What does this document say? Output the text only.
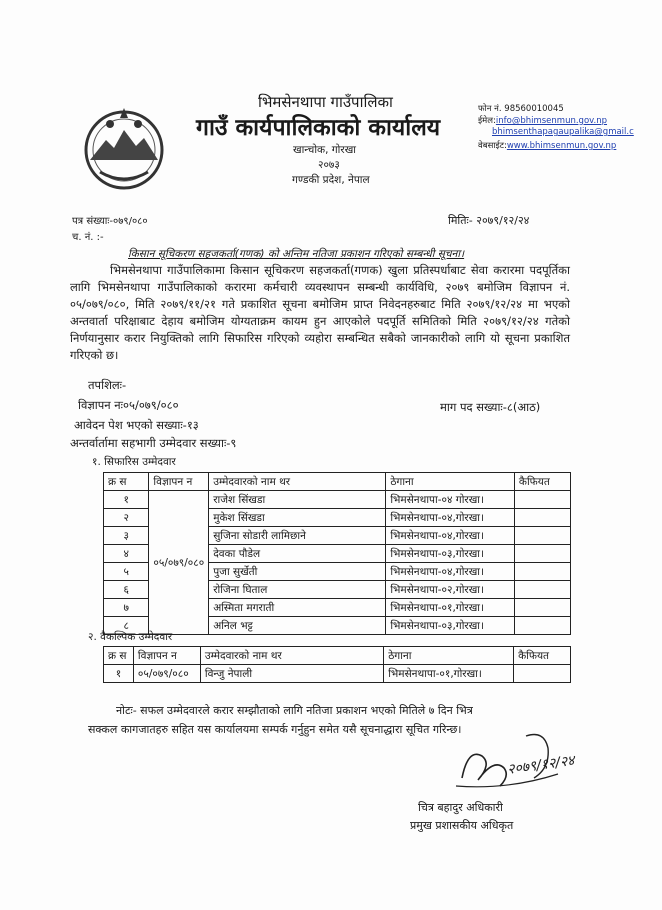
भिमसेनथापा गाउँपालिका
गाउँ कार्यपालिकाको कार्यालय
खान्चोक, गोरखा
२०७३
गण्डकी प्रदेश, नेपाल
फोन नं. 98560010045
ईमेल:info@bhimsenmun.gov.np
bhimsenthapagaupalika@gmail.c
वेबसाईट:www.bhimsenmun.gov.np
पत्र संख्याः-०७९/०८०
च. नं. :-
मितिः- २०७९/१२/२४
किसान सूचिकरण सहजकर्ता(गणक) को अन्तिम नतिजा प्रकाशन गरिएको सम्बन्धी सूचना।
भिमसेनथापा गाउँपालिकामा किसान सूचिकरण सहजकर्ता(गणक) खुला प्रतिस्पर्धाबाट सेवा करारमा पदपूर्तिका लागि भिमसेनथापा गाउँपालिकाको करारमा कर्मचारी व्यवस्थापन सम्बन्धी कार्यविधि, २०७९ बमोजिम विज्ञापन नं. ०५/०७९/०८०, मिति २०७९/११/२१ गते प्रकाशित सूचना बमोजिम प्राप्त निवेदनहरुबाट मिति २०७९/१२/२४ मा भएको अन्तवार्ता परिक्षाबाट देहाय बमोजिम योग्यताक्रम कायम हुन आएकोले पदपूर्ति समितिको मिति २०७९/१२/२४ गतेको निर्णयानुसार करार नियुक्तिको लागि सिफारिस गरिएको व्यहोरा सम्बन्धित सबैको जानकारीको लागि यो सूचना प्रकाशित गरिएको छ।
तपशिलः-
विज्ञापन नः०५/०७९/०८०	माग पद सख्याः-८(आठ)
आवेदन पेश भएको सख्याः-१३
अन्तर्वार्तामा सहभागी उम्मेदवार सख्याः-९
१. सिफारिस उम्मेदवार
क्र स	विज्ञापन न	उम्मेदवारको नाम थर	ठेगाना	कैफियत
१	०५/०७९/०८०	राजेश सिंखडा	भिमसेनथापा-०४ गोरखा।	
२		मुकेश सिंखडा	भिमसेनथापा-०४,गोरखा।	
३		सुजिना सोडारी लामिछाने	भिमसेनथापा-०४,गोरखा।	
४		देवका पौडेल	भिमसेनथापा-०३,गोरखा।	
५		पुजा सुर्खेती	भिमसेनथापा-०४,गोरखा।	
६		रोजिना घिताल	भिमसेनथापा-०२,गोरखा।	
७		अस्मिता मगराती	भिमसेनथापा-०१,गोरखा।	
८		अनिल भट्ट	भिमसेनथापा-०३,गोरखा।	
२. वैकल्पिक उम्मेदवार
क्र स	विज्ञापन न	उम्मेदवारको नाम थर	ठेगाना	कैफियत
१	०५/०७९/०८०	विन्जु नेपाली	भिमसेनथापा-०१,गोरखा।	
नोटः- सफल उम्मेदवारले करार सम्झौताको लागि नतिजा प्रकाशन भएको मितिले ७ दिन भित्र
सक्कल कागजातहरु सहित यस कार्यालयमा सम्पर्क गर्नुहुन समेत यसै सूचनाद्धारा सूचित गरिन्छ।
२०७९/१२/२४
चित्र बहादुर अधिकारी
प्रमुख प्रशासकीय अधिकृत
